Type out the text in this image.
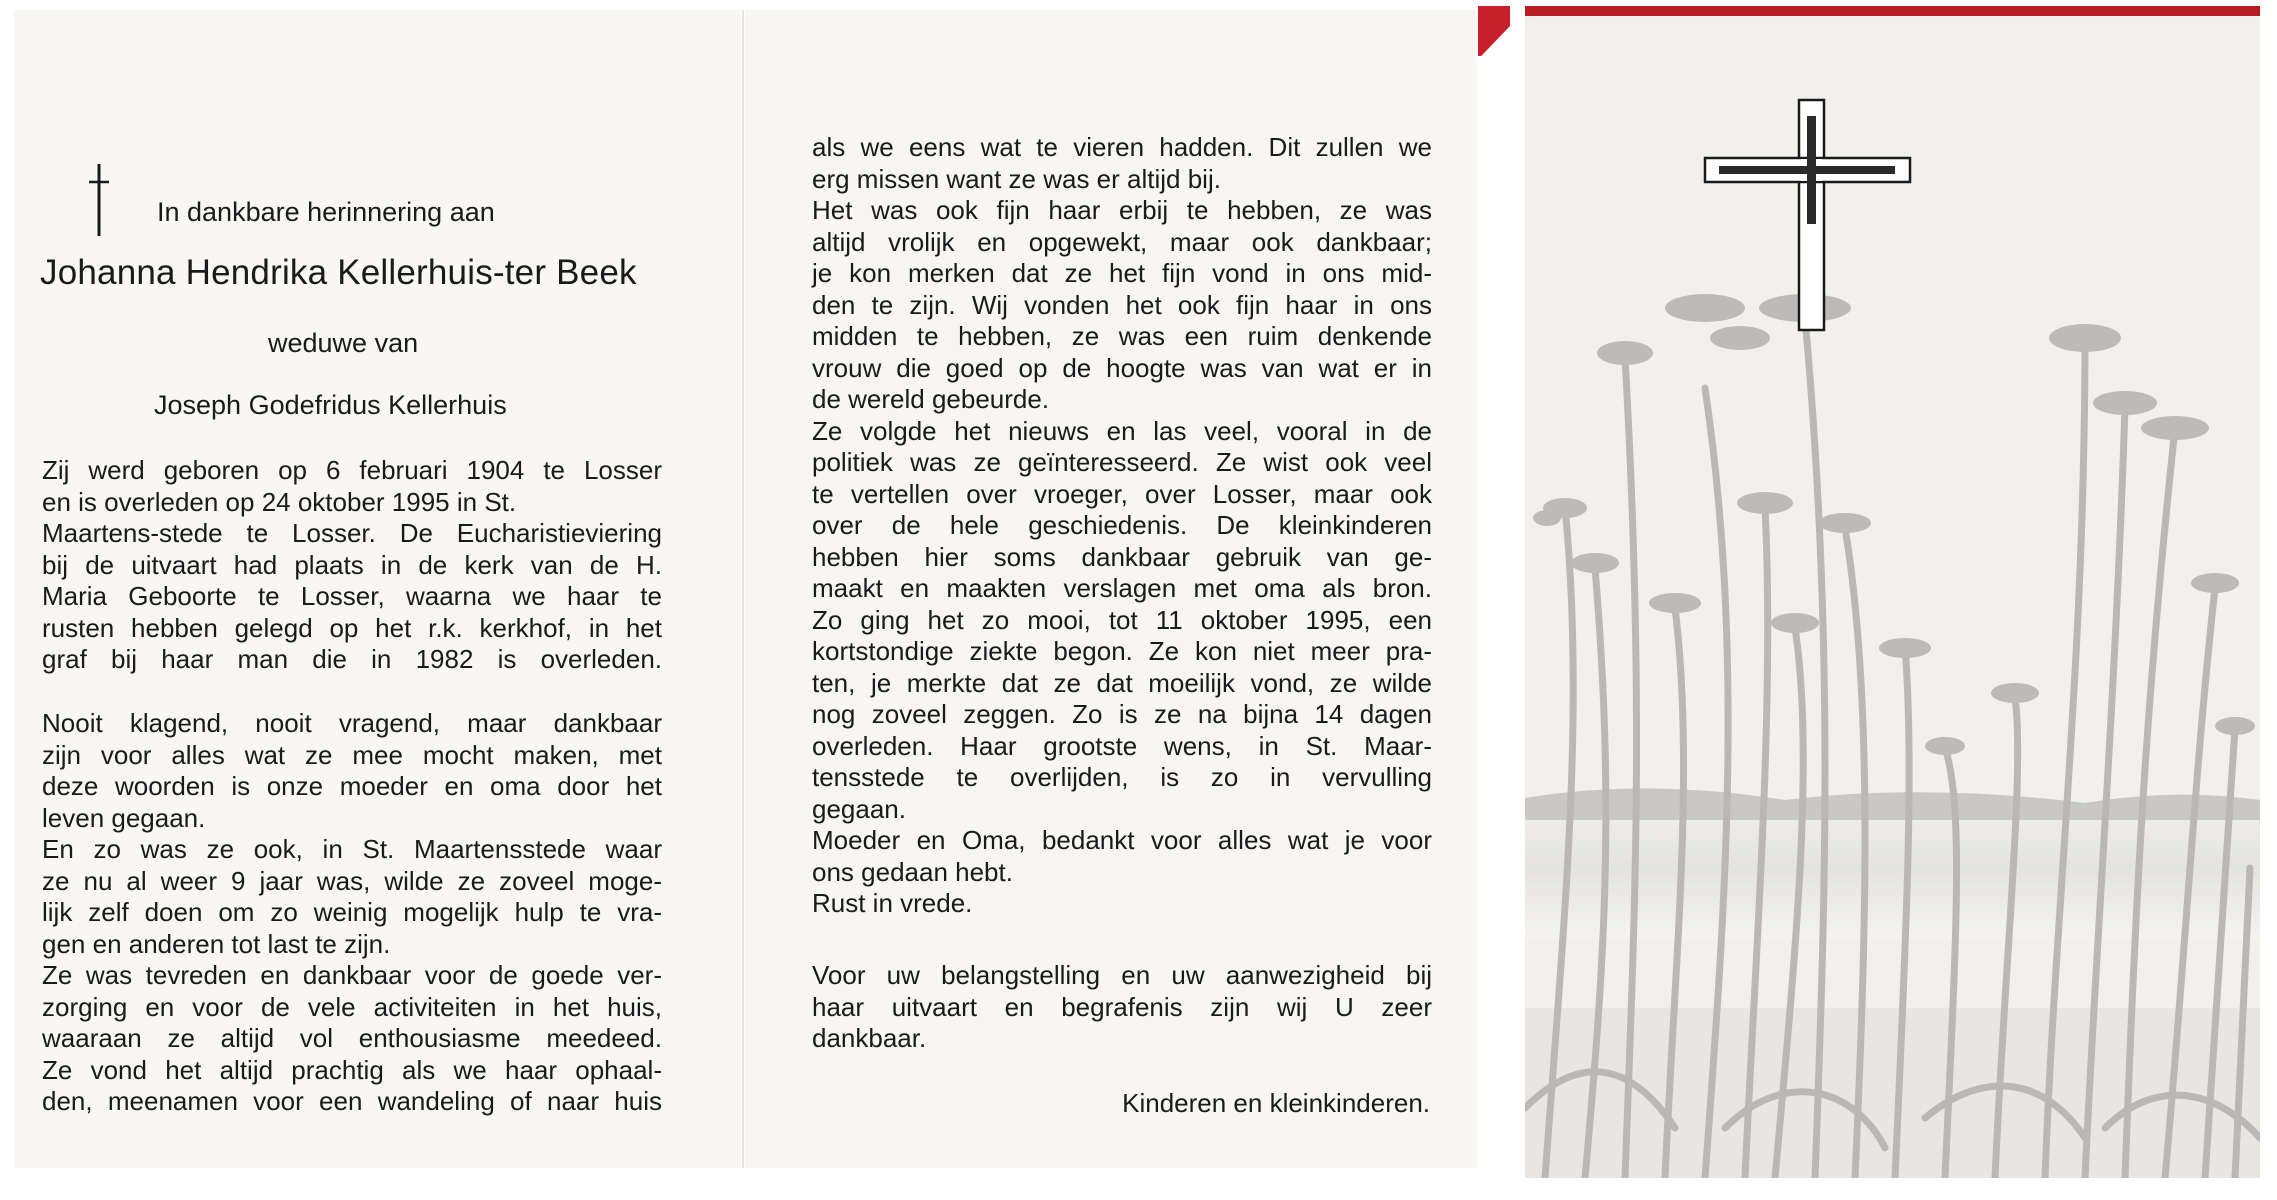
In dankbare herinnering aan
Johanna Hendrika Kellerhuis-ter Beek
weduwe van
Joseph Godefridus Kellerhuis
Zij werd geboren op 6 februari 1904 te Losser
en is overleden op 24 oktober 1995 in St.
Maartens-stede te Losser. De Eucharistieviering
bij de uitvaart had plaats in de kerk van de H.
Maria Geboorte te Losser, waarna we haar te
rusten hebben gelegd op het r.k. kerkhof, in het
graf bij haar man die in 1982 is overleden.
Nooit klagend, nooit vragend, maar dankbaar
zijn voor alles wat ze mee mocht maken, met
deze woorden is onze moeder en oma door het
leven gegaan.
En zo was ze ook, in St. Maartensstede waar
ze nu al weer 9 jaar was, wilde ze zoveel moge-
lijk zelf doen om zo weinig mogelijk hulp te vra-
gen en anderen tot last te zijn.
Ze was tevreden en dankbaar voor de goede ver-
zorging en voor de vele activiteiten in het huis,
waaraan ze altijd vol enthousiasme meedeed.
Ze vond het altijd prachtig als we haar ophaal-
den, meenamen voor een wandeling of naar huis
als we eens wat te vieren hadden. Dit zullen we
erg missen want ze was er altijd bij.
Het was ook fijn haar erbij te hebben, ze was
altijd vrolijk en opgewekt, maar ook dankbaar;
je kon merken dat ze het fijn vond in ons mid-
den te zijn. Wij vonden het ook fijn haar in ons
midden te hebben, ze was een ruim denkende
vrouw die goed op de hoogte was van wat er in
de wereld gebeurde.
Ze volgde het nieuws en las veel, vooral in de
politiek was ze geïnteresseerd. Ze wist ook veel
te vertellen over vroeger, over Losser, maar ook
over de hele geschiedenis. De kleinkinderen
hebben hier soms dankbaar gebruik van ge-
maakt en maakten verslagen met oma als bron.
Zo ging het zo mooi, tot 11 oktober 1995, een
kortstondige ziekte begon. Ze kon niet meer pra-
ten, je merkte dat ze dat moeilijk vond, ze wilde
nog zoveel zeggen. Zo is ze na bijna 14 dagen
overleden. Haar grootste wens, in St. Maar-
tensstede te overlijden, is zo in vervulling
gegaan.
Moeder en Oma, bedankt voor alles wat je voor
ons gedaan hebt.
Rust in vrede.
Voor uw belangstelling en uw aanwezigheid bij
haar uitvaart en begrafenis zijn wij U zeer
dankbaar.
Kinderen en kleinkinderen.
